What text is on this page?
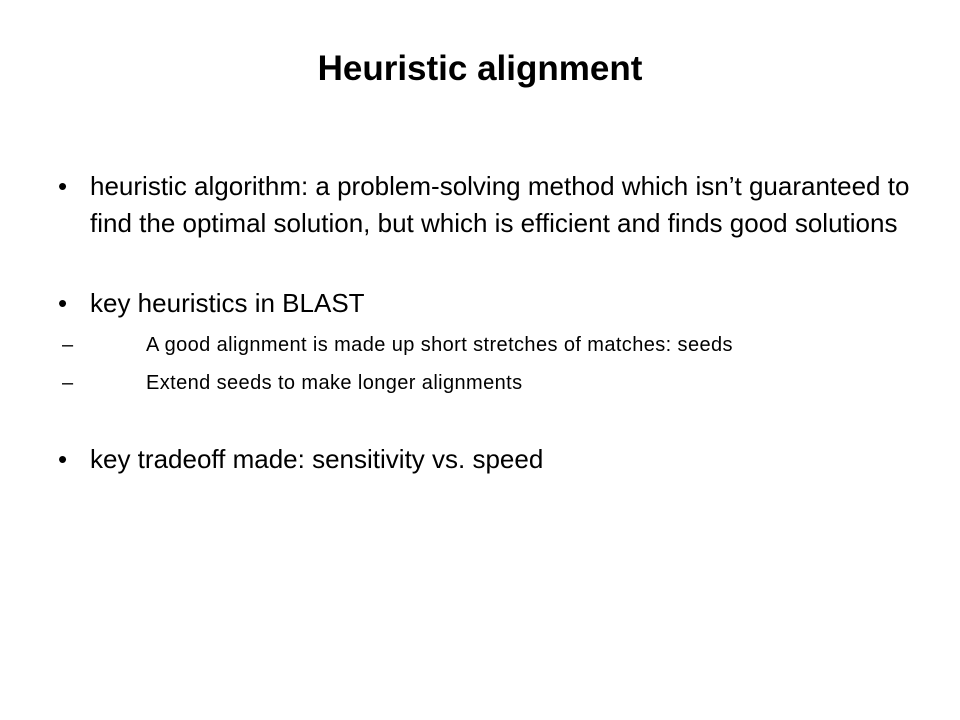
Heuristic alignment
• heuristic algorithm: a problem-solving method which isn’t guaranteed to find the optimal solution, but which is efficient and finds good solutions
• key heuristics in BLAST
–	A good alignment is made up short stretches of matches: seeds
–	Extend seeds to make longer alignments
• key tradeoff made: sensitivity vs. speed
